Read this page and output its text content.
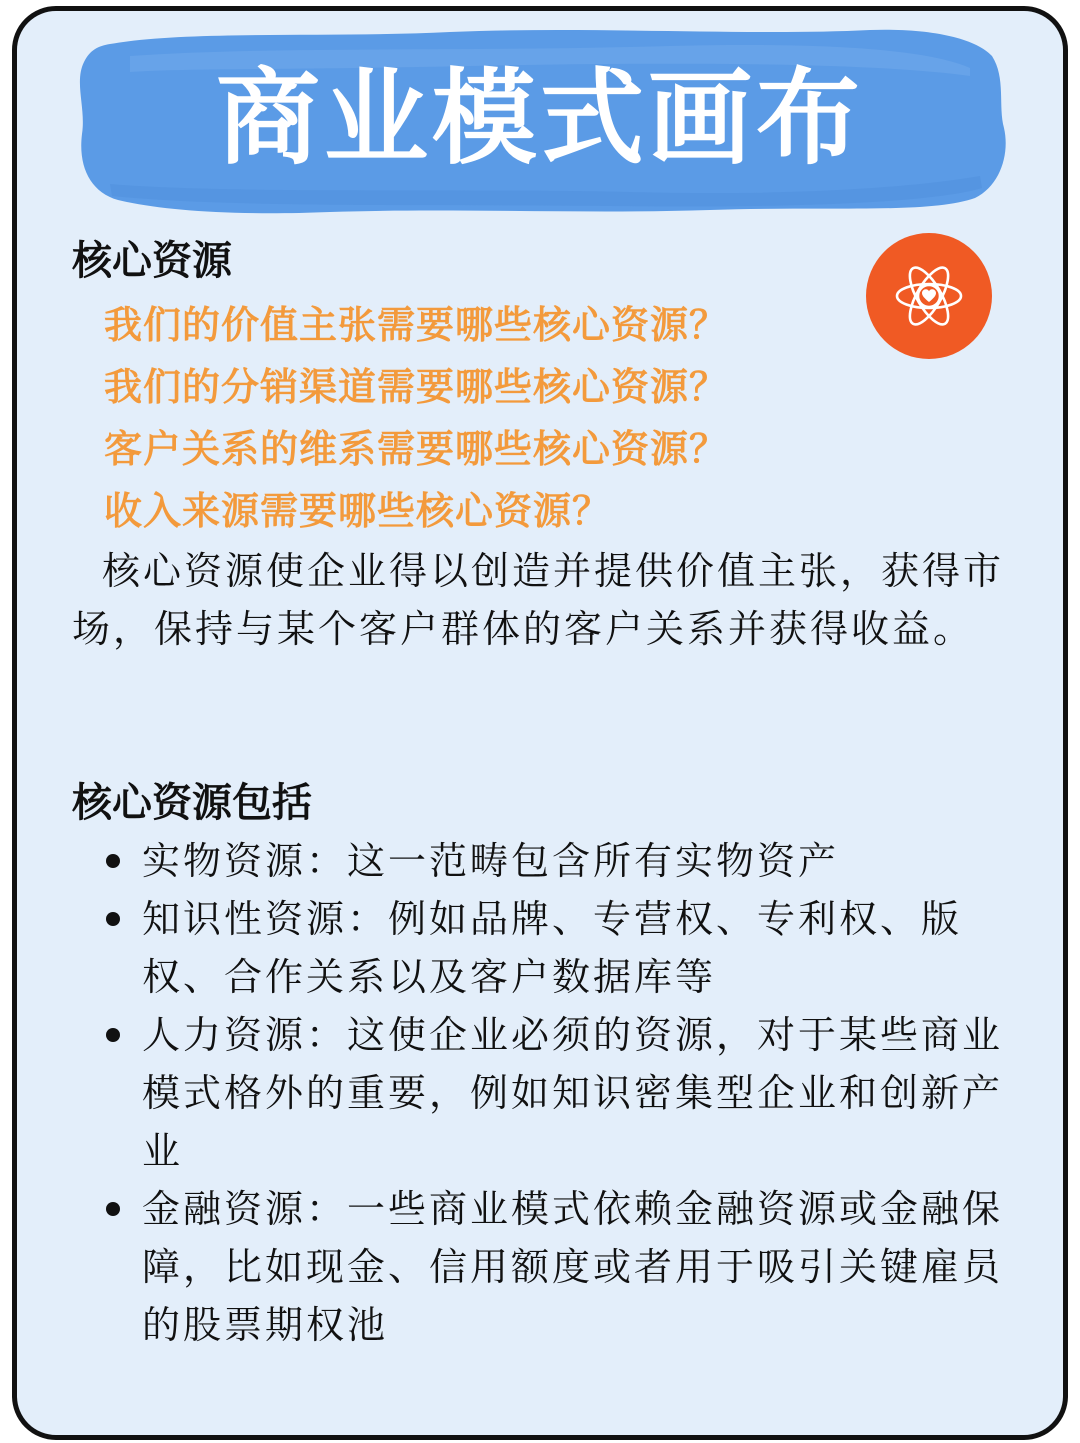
商业模式画布
核心资源
我们的价值主张需要哪些核心资源？
我们的分销渠道需要哪些核心资源？
客户关系的维系需要哪些核心资源？
收入来源需要哪些核心资源？

核心资源使企业得以创造并提供价值主张，获得市场，保持与某个客户群体的客户关系并获得收益。

核心资源包括
实物资源：这一范畴包含所有实物资产
知识性资源：例如品牌、专营权、专利权、版权、合作关系以及客户数据库等
人力资源：这使企业必须的资源，对于某些商业模式格外的重要，例如知识密集型企业和创新产业
金融资源：一些商业模式依赖金融资源或金融保障，比如现金、信用额度或者用于吸引关键雇员的股票期权池
